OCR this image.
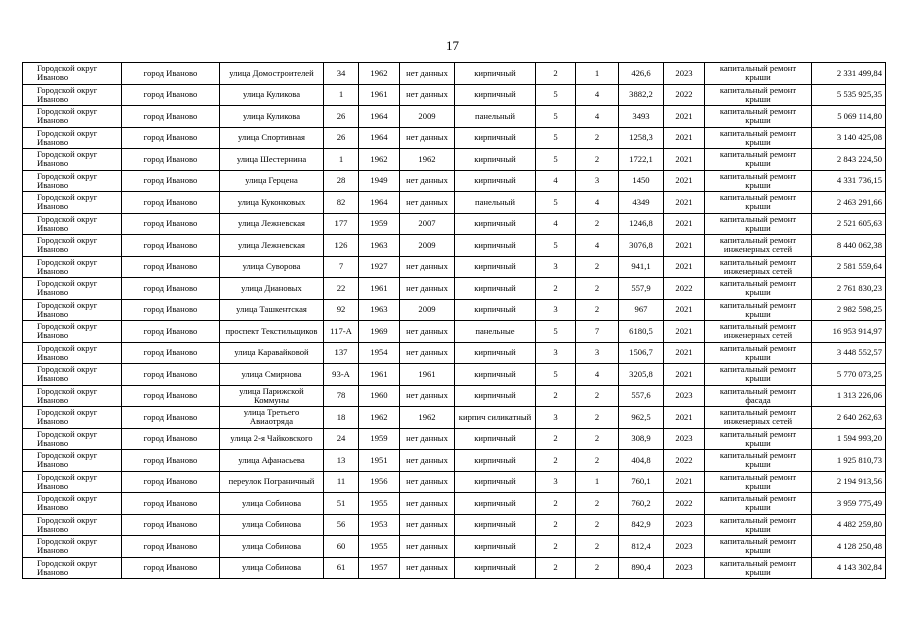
17
Городской округ Иваново	город Иваново	улица Домостроителей	34	1962	нет данных	кирпичный	2	1	426,6	2023	капитальный ремонт крыши	2 331 499,84
Городской округ Иваново	город Иваново	улица Куликова	1	1961	нет данных	кирпичный	5	4	3882,2	2022	капитальный ремонт крыши	5 535 925,35
Городской округ Иваново	город Иваново	улица Куликова	26	1964	2009	панельный	5	4	3493	2021	капитальный ремонт крыши	5 069 114,80
Городской округ Иваново	город Иваново	улица Спортивная	26	1964	нет данных	кирпичный	5	2	1258,3	2021	капитальный ремонт крыши	3 140 425,08
Городской округ Иваново	город Иваново	улица Шестернина	1	1962	1962	кирпичный	5	2	1722,1	2021	капитальный ремонт крыши	2 843 224,50
Городской округ Иваново	город Иваново	улица Герцена	28	1949	нет данных	кирпичный	4	3	1450	2021	капитальный ремонт крыши	4 331 736,15
Городской округ Иваново	город Иваново	улица Куконковых	82	1964	нет данных	панельный	5	4	4349	2021	капитальный ремонт крыши	2 463 291,66
Городской округ Иваново	город Иваново	улица Лежневская	177	1959	2007	кирпичный	4	2	1246,8	2021	капитальный ремонт крыши	2 521 605,63
Городской округ Иваново	город Иваново	улица Лежневская	126	1963	2009	кирпичный	5	4	3076,8	2021	капитальный ремонт инженерных сетей	8 440 062,38
Городской округ Иваново	город Иваново	улица Суворова	7	1927	нет данных	кирпичный	3	2	941,1	2021	капитальный ремонт инженерных сетей	2 581 559,64
Городской округ Иваново	город Иваново	улица Диановых	22	1961	нет данных	кирпичный	2	2	557,9	2022	капитальный ремонт крыши	2 761 830,23
Городской округ Иваново	город Иваново	улица Ташкентская	92	1963	2009	кирпичный	3	2	967	2021	капитальный ремонт крыши	2 982 598,25
Городской округ Иваново	город Иваново	проспект Текстильщиков	117-А	1969	нет данных	панельные	5	7	6180,5	2021	капитальный ремонт инженерных сетей	16 953 914,97
Городской округ Иваново	город Иваново	улица Каравайковой	137	1954	нет данных	кирпичный	3	3	1506,7	2021	капитальный ремонт крыши	3 448 552,57
Городской округ Иваново	город Иваново	улица Смирнова	93-А	1961	1961	кирпичный	5	4	3205,8	2021	капитальный ремонт крыши	5 770 073,25
Городской округ Иваново	город Иваново	улица Парижской Коммуны	78	1960	нет данных	кирпичный	2	2	557,6	2023	капитальный ремонт фасада	1 313 226,06
Городской округ Иваново	город Иваново	улица Третьего Авиаотряда	18	1962	1962	кирпич силикатный	3	2	962,5	2021	капитальный ремонт инженерных сетей	2 640 262,63
Городской округ Иваново	город Иваново	улица 2-я Чайковского	24	1959	нет данных	кирпичный	2	2	308,9	2023	капитальный ремонт крыши	1 594 993,20
Городской округ Иваново	город Иваново	улица Афанасьева	13	1951	нет данных	кирпичный	2	2	404,8	2022	капитальный ремонт крыши	1 925 810,73
Городской округ Иваново	город Иваново	переулок Пограничный	11	1956	нет данных	кирпичный	3	1	760,1	2021	капитальный ремонт крыши	2 194 913,56
Городской округ Иваново	город Иваново	улица Собинова	51	1955	нет данных	кирпичный	2	2	760,2	2022	капитальный ремонт крыши	3 959 775,49
Городской округ Иваново	город Иваново	улица Собинова	56	1953	нет данных	кирпичный	2	2	842,9	2023	капитальный ремонт крыши	4 482 259,80
Городской округ Иваново	город Иваново	улица Собинова	60	1955	нет данных	кирпичный	2	2	812,4	2023	капитальный ремонт крыши	4 128 250,48
Городской округ Иваново	город Иваново	улица Собинова	61	1957	нет данных	кирпичный	2	2	890,4	2023	капитальный ремонт крыши	4 143 302,84
